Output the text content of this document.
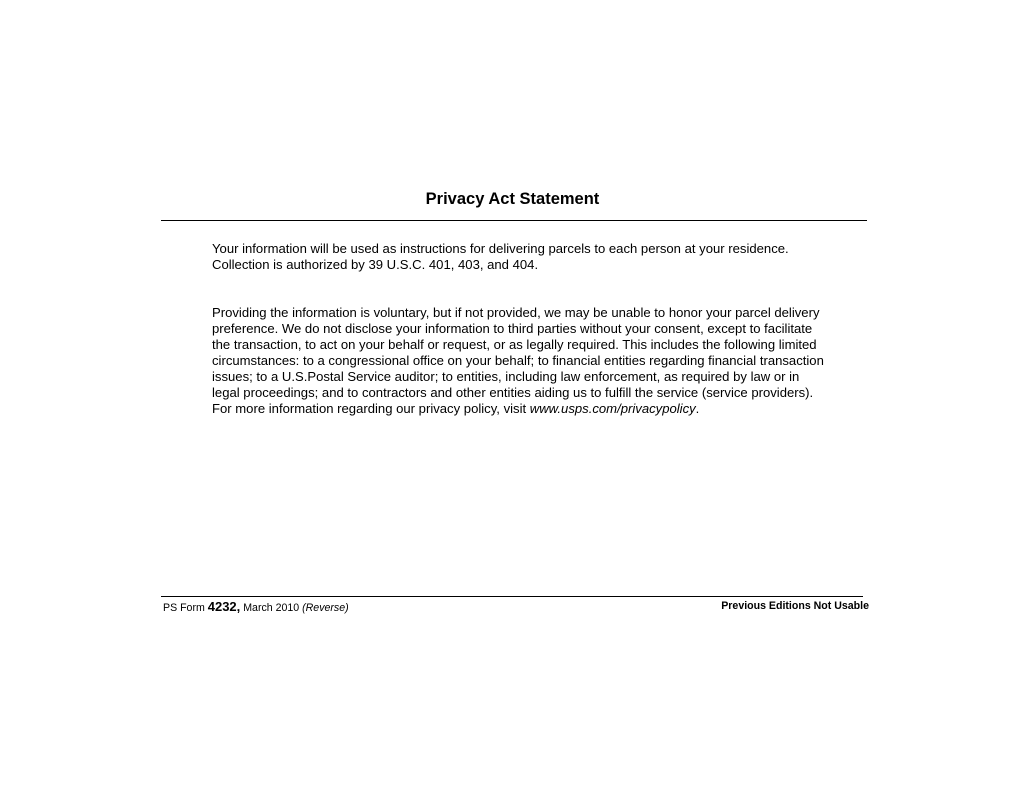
Privacy Act Statement

Your information will be used as instructions for delivering parcels to each person at your residence.
Collection is authorized by 39 U.S.C. 401, 403, and 404.

Providing the information is voluntary, but if not provided, we may be unable to honor your parcel delivery
preference. We do not disclose your information to third parties without your consent, except to facilitate
the transaction, to act on your behalf or request, or as legally required. This includes the following limited
circumstances: to a congressional office on your behalf; to financial entities regarding financial transaction
issues; to a U.S.Postal Service auditor; to entities, including law enforcement, as required by law or in
legal proceedings; and to contractors and other entities aiding us to fulfill the service (service providers).
For more information regarding our privacy policy, visit www.usps.com/privacypolicy.

PS Form 4232, March 2010 (Reverse)	Previous Editions Not Usable
